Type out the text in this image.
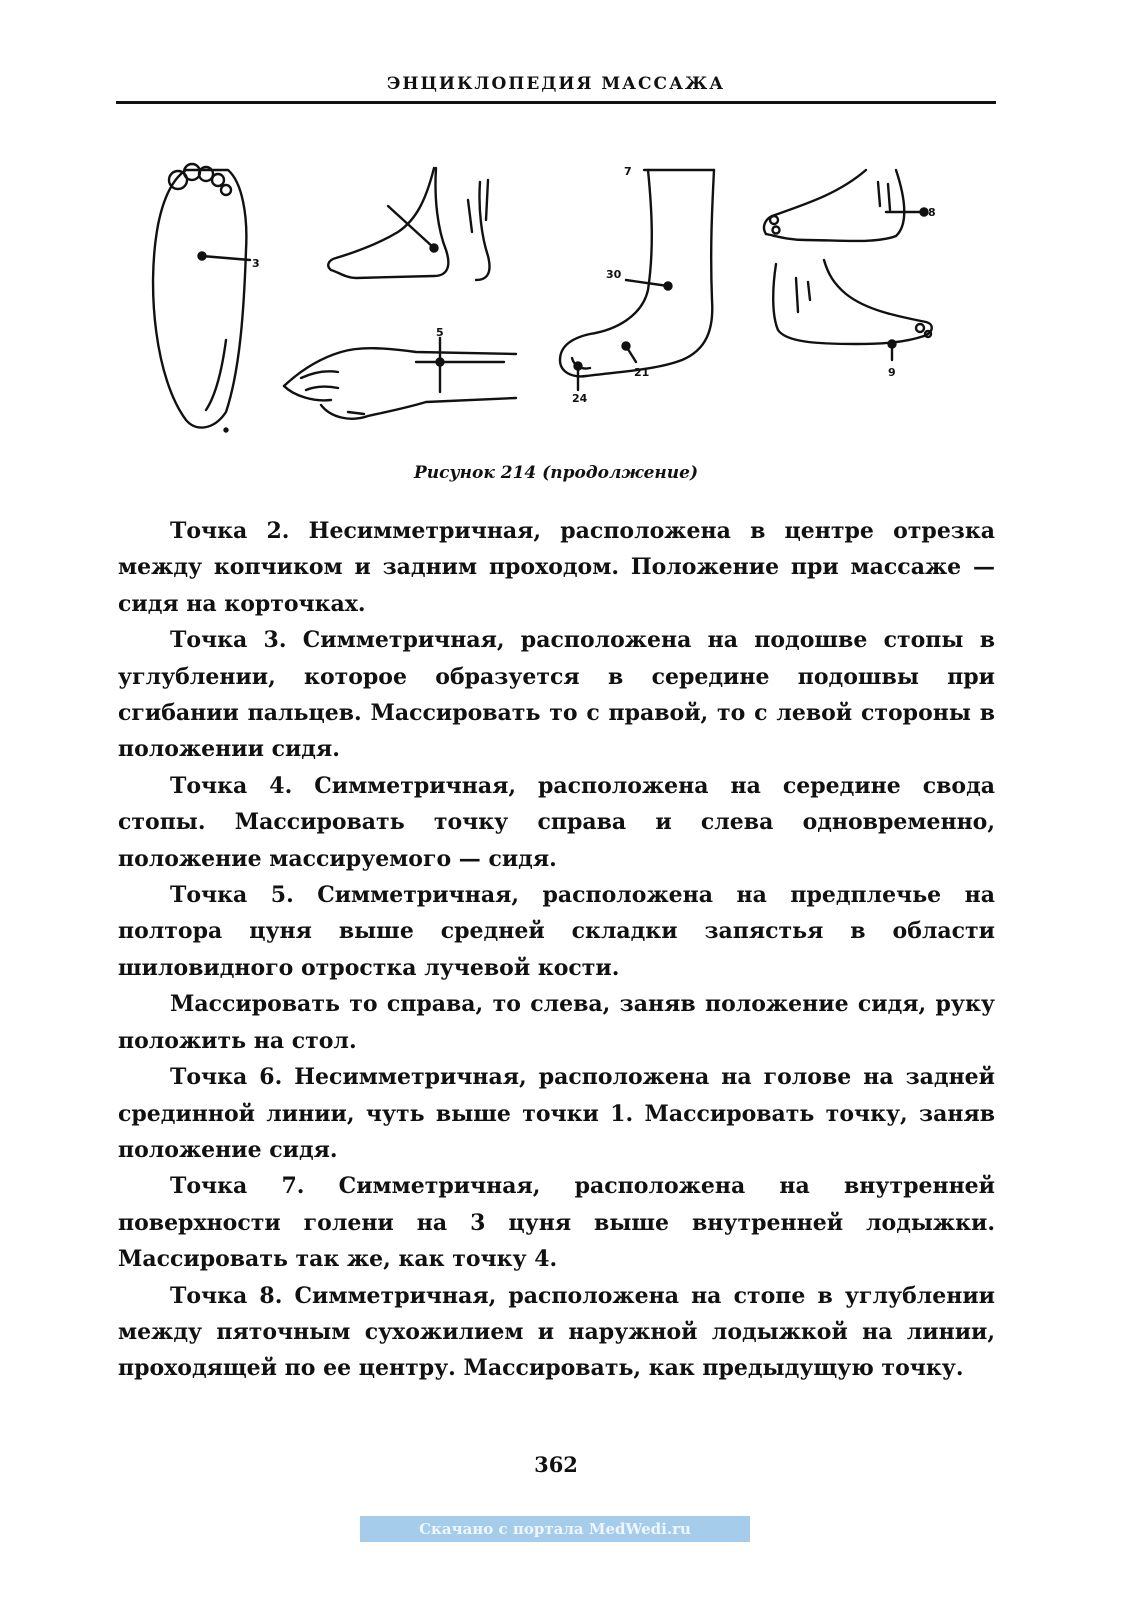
ЭНЦИКЛОПЕДИЯ МАССАЖА
3
5
7
30
21
24
8
9
Рисунок 214 (продолжение)

Точка 2. Несимметричная, расположена в центре отрезка между копчиком и задним проходом. Положение при массаже — сидя на корточках.

Точка 3. Симметричная, расположена на подошве стопы в углублении, которое образуется в середине подошвы при сгибании пальцев. Массировать то с правой, то с левой стороны в положении сидя.

Точка 4. Симметричная, расположена на середине свода стопы. Массировать точку справа и слева одновременно, положение массируемого — сидя.

Точка 5. Симметричная, расположена на предплечье на полтора цуня выше средней складки запястья в области шиловидного отростка лучевой кости.

Массировать то справа, то слева, заняв положение сидя, руку положить на стол.

Точка 6. Несимметричная, расположена на голове на задней срединной линии, чуть выше точки 1. Массировать точку, заняв положение сидя.

Точка 7. Симметричная, расположена на внутренней поверхности голени на 3 цуня выше внутренней лодыжки. Массировать так же, как точку 4.

Точка 8. Симметричная, расположена на стопе в углублении между пяточным сухожилием и наружной лодыжкой на линии, проходящей по ее центру. Массировать, как предыдущую точку.

362
Скачано с портала MedWedi.ru
